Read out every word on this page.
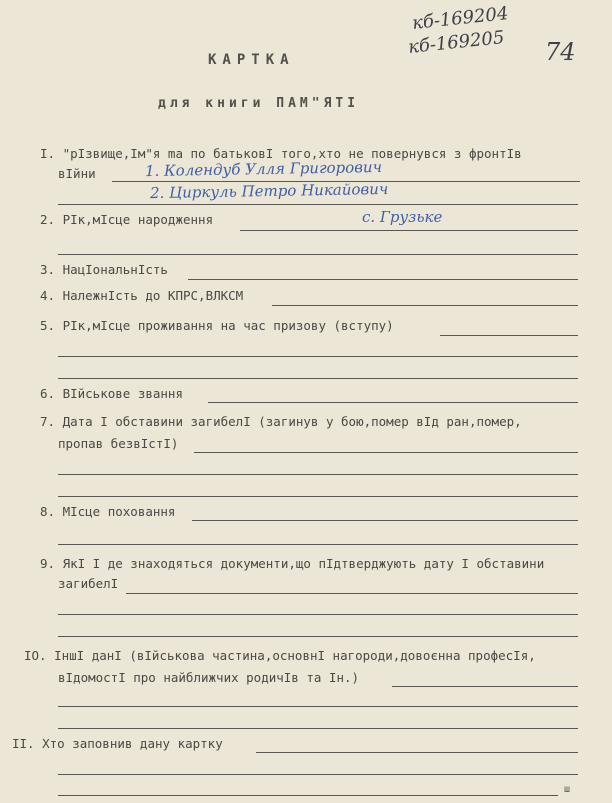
кб-169204
кб-169205 74
КАРТКА
для книги ПАМ"ЯТІ
I. "рІзвище,Ім"я ma по батьковІ того,хто не повернувся з фронтІв
вІйни	1. Колендуб Улля Григорович
2. Циркуль Петро Никайович
2. РІк,мІсце народження	с. Грузьке
3. НацІональнІсть
4. НалежнІсть до КПРС,ВЛКСМ
5. РІк,мІсце проживання на час призову (вступу)
6. ВІйськове звання
7. Дата І обставини загибелІ (загинув у бою,помер вІд ран,помер,
пропав безвІстІ)
8. МІсце поховання
9. ЯкІ І де знаходяться документи,що пІдтверджують дату І обставини
загибелІ
IO. ІншІ данІ (вІйськова частина,основнІ нагороди,довоєнна професІя,
вІдомостІ про найближчих родичІв та Ін.)
II. Хто заповнив дану картку
ш
